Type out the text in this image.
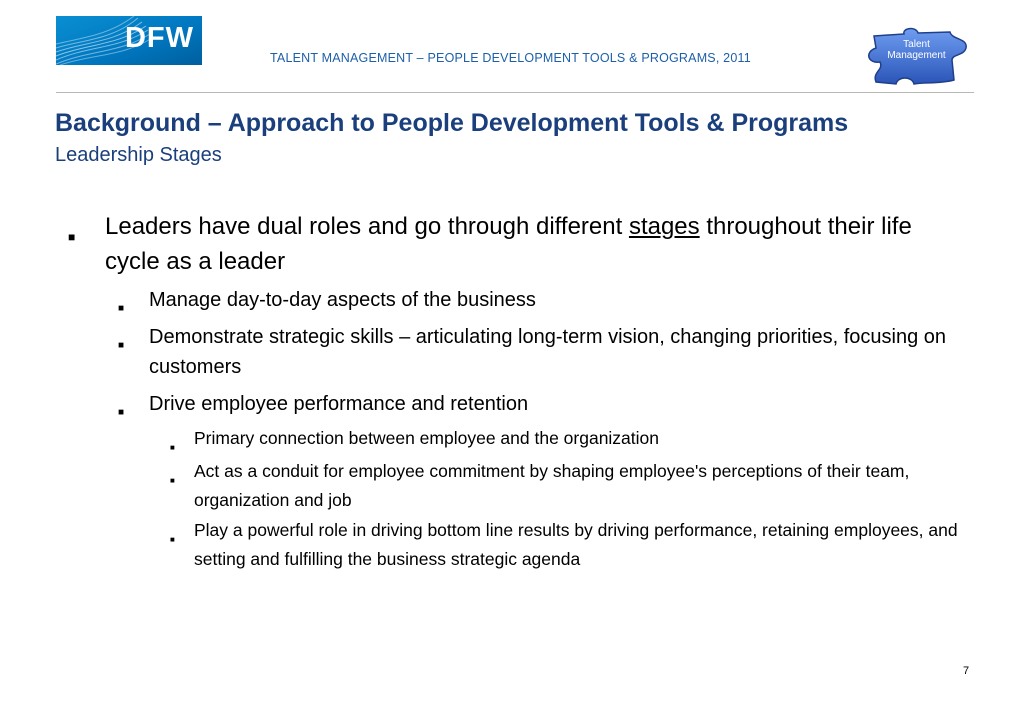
DFW
TALENT MANAGEMENT – PEOPLE DEVELOPMENT TOOLS & PROGRAMS, 2011
Talent
Management
Background – Approach to People Development Tools & Programs
Leadership Stages
■ Leaders have dual roles and go through different stages throughout their life cycle as a leader
■ Manage day-to-day aspects of the business
■ Demonstrate strategic skills – articulating long-term vision, changing priorities, focusing on customers
■ Drive employee performance and retention
■ Primary connection between employee and the organization
■ Act as a conduit for employee commitment by shaping employee's perceptions of their team, organization and job
■ Play a powerful role in driving bottom line results by driving performance, retaining employees, and setting and fulfilling the business strategic agenda
7
